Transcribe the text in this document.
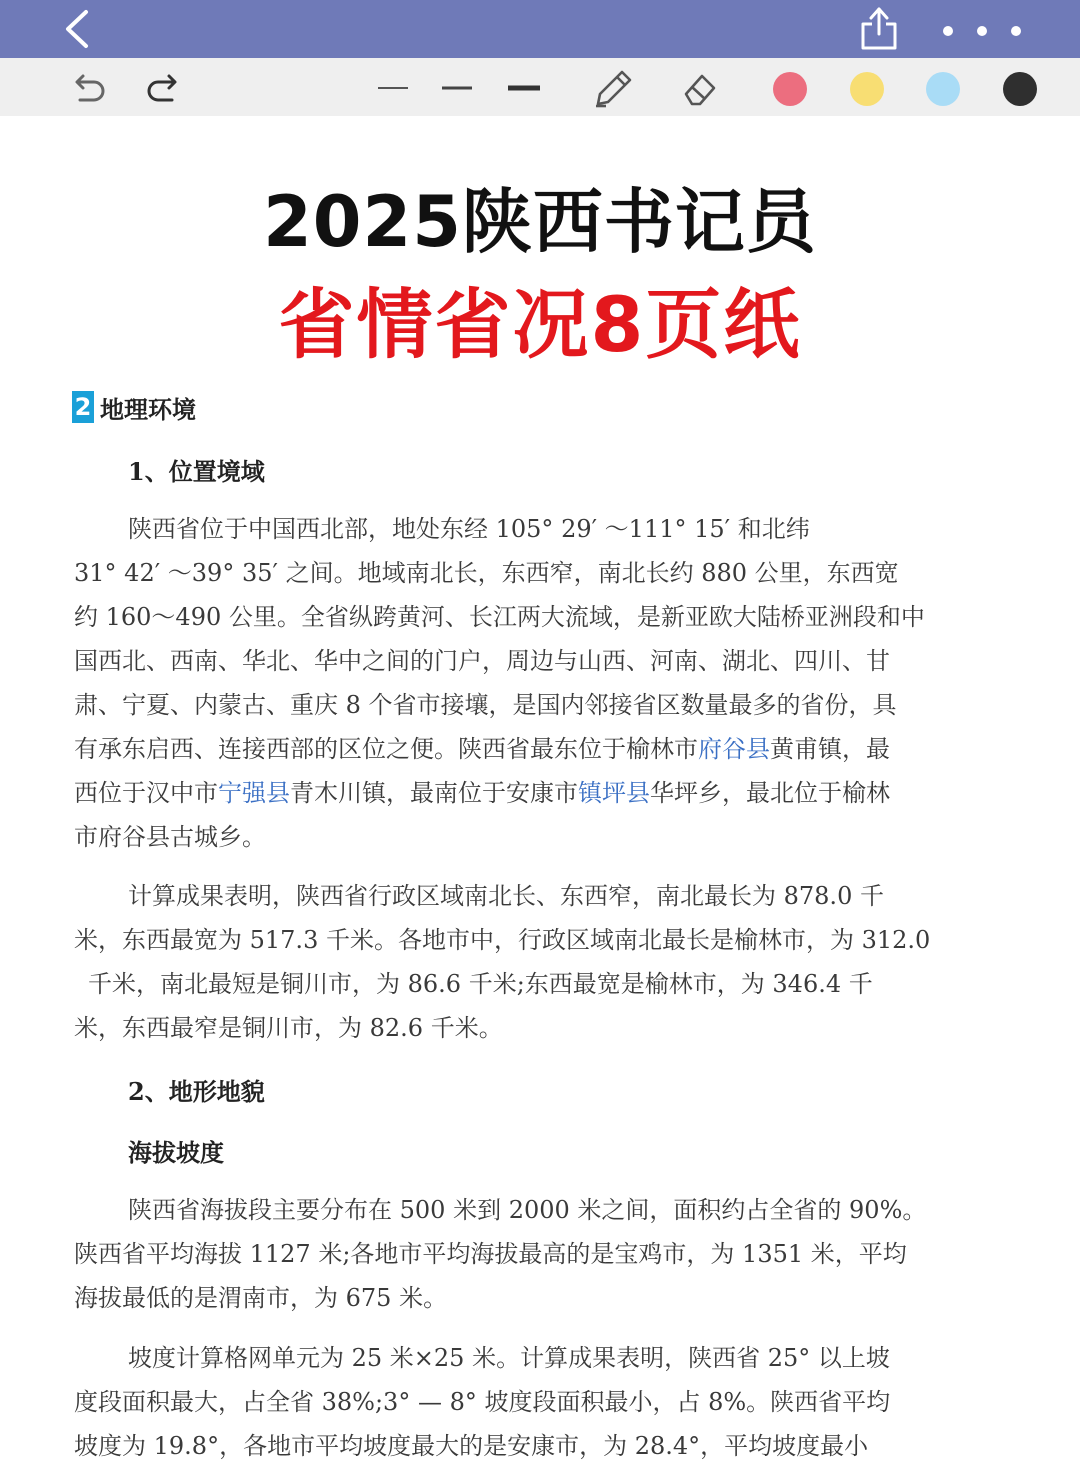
2025陕西书记员
省情省况8页纸
2 地理环境
1、位置境域
陕西省位于中国西北部，地处东经 105° 29′ ～111° 15′ 和北纬
31° 42′ ～39° 35′ 之间。地域南北长，东西窄，南北长约 880 公里，东西宽
约 160～490 公里。全省纵跨黄河、长江两大流域，是新亚欧大陆桥亚洲段和中
国西北、西南、华北、华中之间的门户，周边与山西、河南、湖北、四川、甘
肃、宁夏、内蒙古、重庆 8 个省市接壤，是国内邻接省区数量最多的省份，具
有承东启西、连接西部的区位之便。陕西省最东位于榆林市府谷县黄甫镇，最
西位于汉中市宁强县青木川镇，最南位于安康市镇坪县华坪乡，最北位于榆林
市府谷县古城乡。
计算成果表明，陕西省行政区域南北长、东西窄，南北最长为 878.0 千
米，东西最宽为 517.3 千米。各地市中，行政区域南北最长是榆林市，为 312.0
千米，南北最短是铜川市，为 86.6 千米;东西最宽是榆林市，为 346.4 千
米，东西最窄是铜川市，为 82.6 千米。
2、地形地貌
海拔坡度
陕西省海拔段主要分布在 500 米到 2000 米之间，面积约占全省的 90%。
陕西省平均海拔 1127 米;各地市平均海拔最高的是宝鸡市，为 1351 米，平均
海拔最低的是渭南市，为 675 米。
坡度计算格网单元为 25 米×25 米。计算成果表明，陕西省 25° 以上坡
度段面积最大，占全省 38%;3° — 8° 坡度段面积最小，占 8%。陕西省平均
坡度为 19.8°，各地市平均坡度最大的是安康市，为 28.4°，平均坡度最小
